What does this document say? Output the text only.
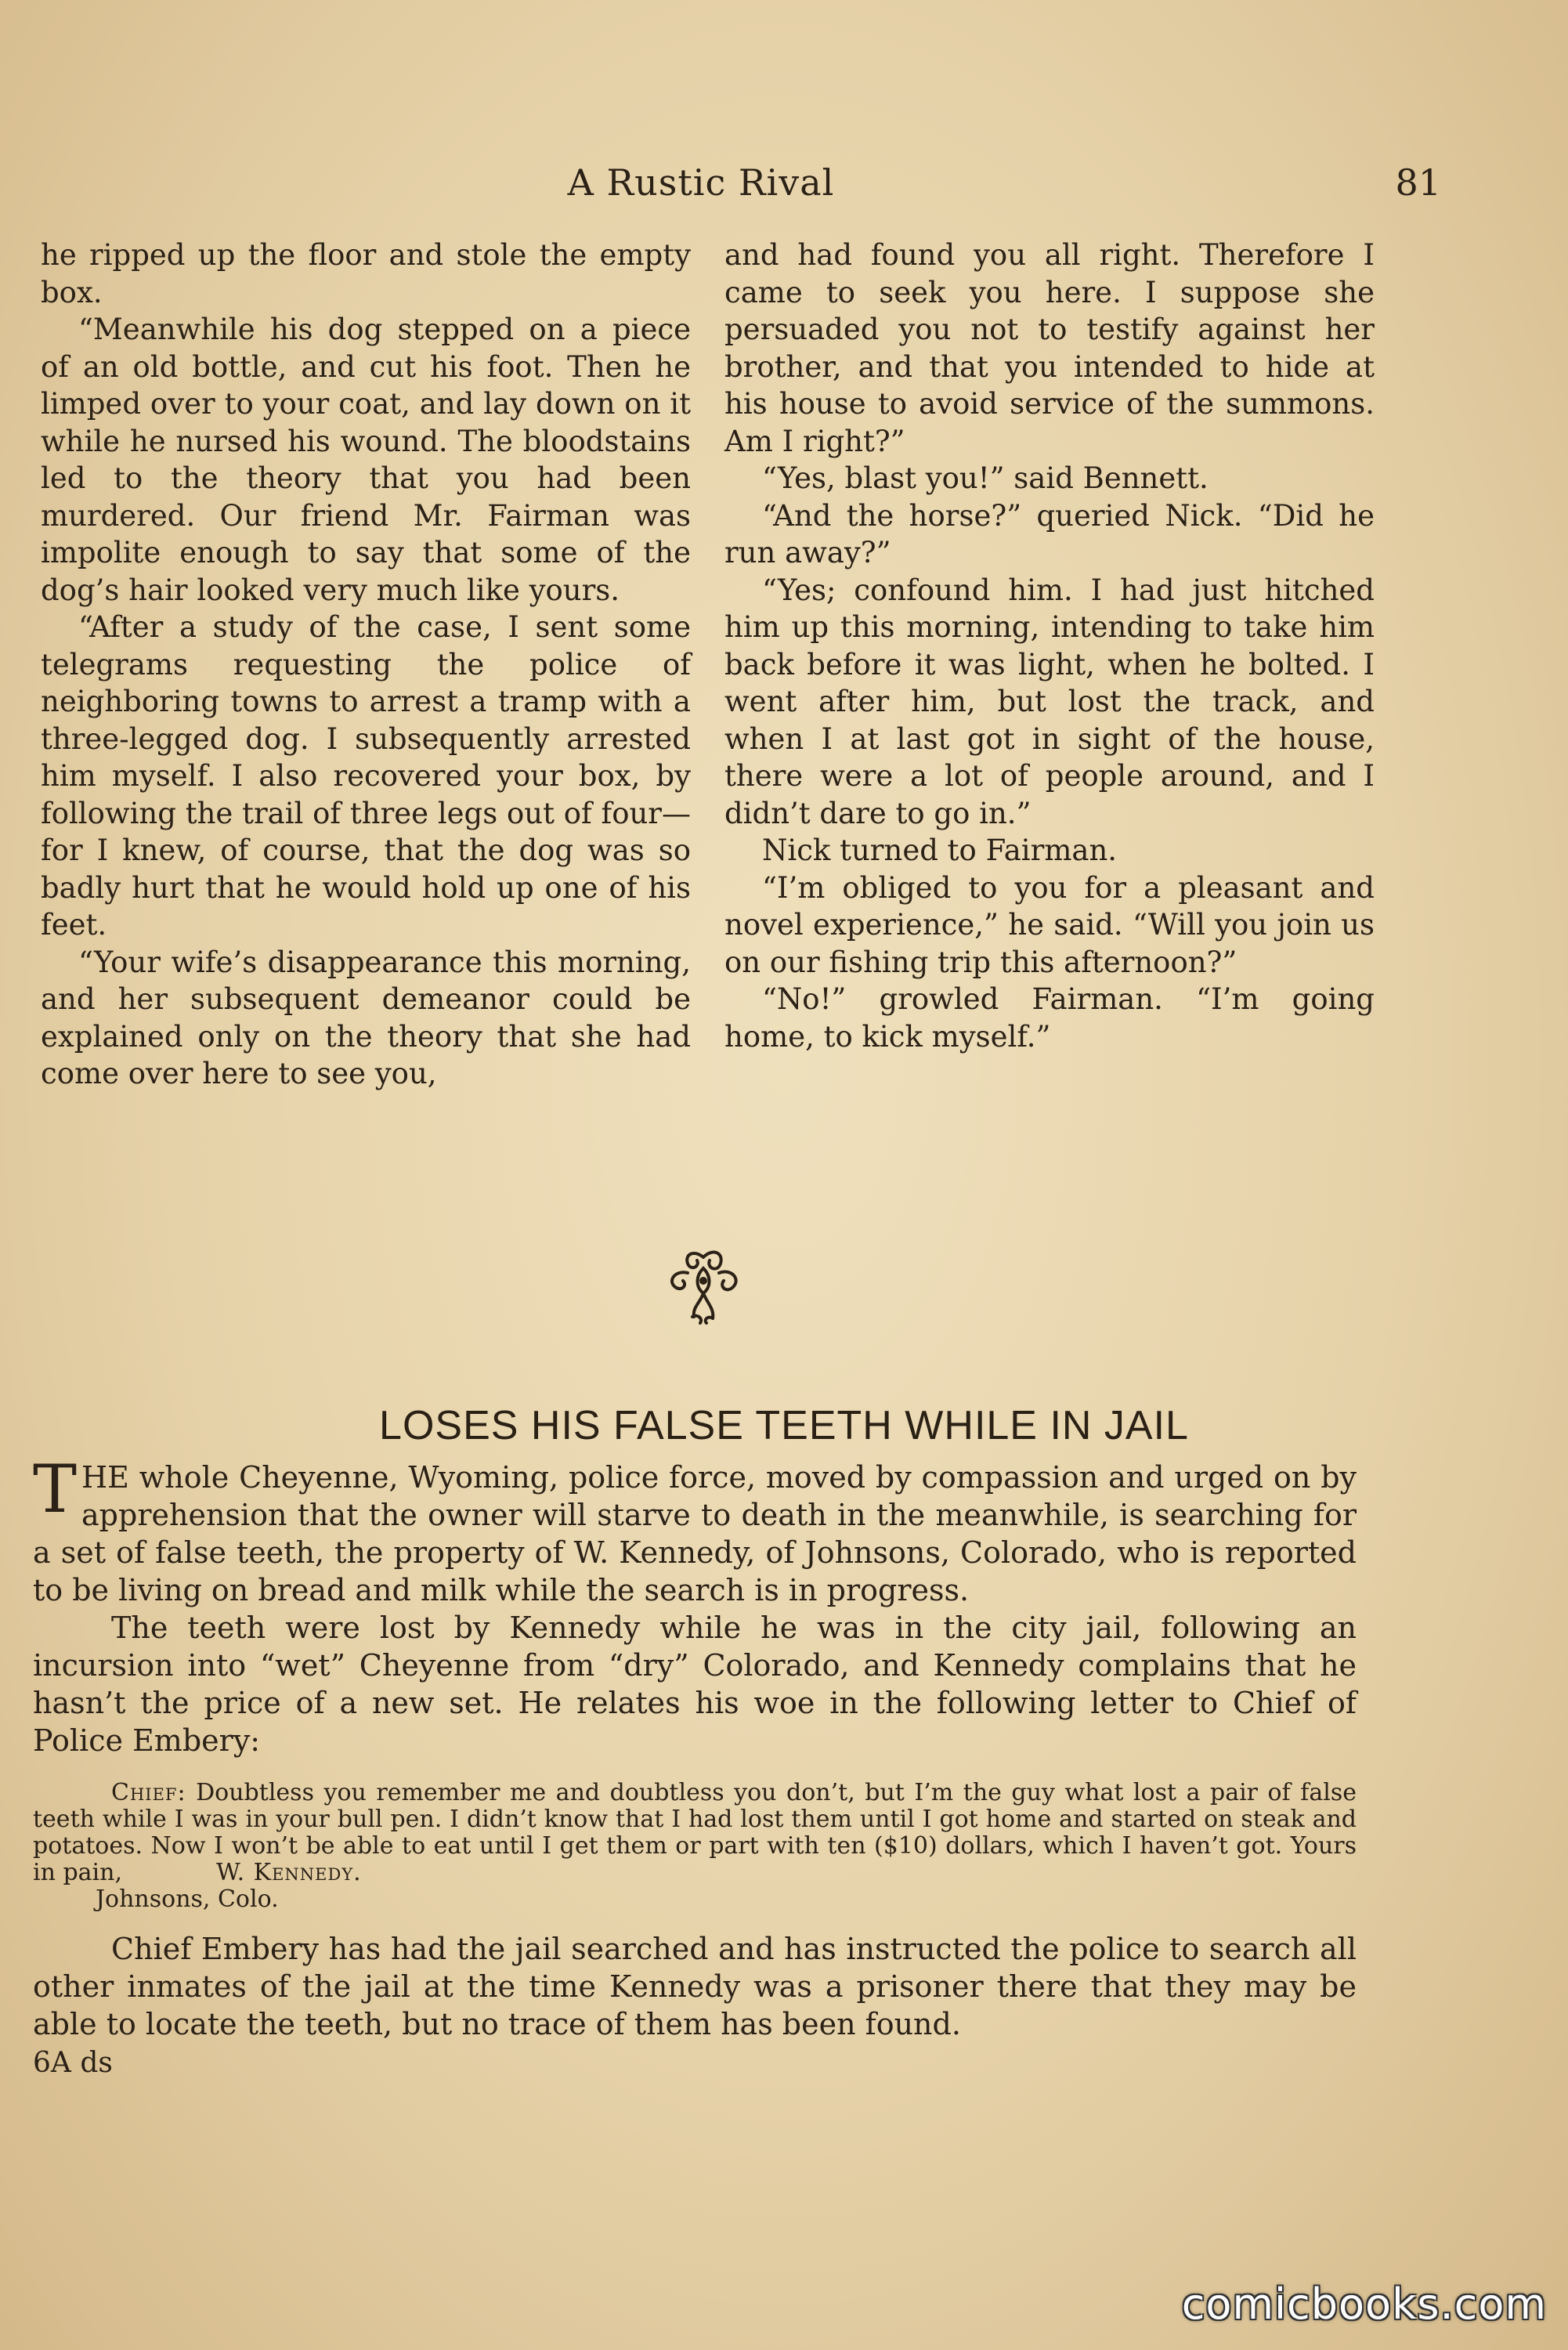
A Rustic Rival	81

he ripped up the floor and stole the empty box.

“Meanwhile his dog stepped on a piece of an old bottle, and cut his foot. Then he limped over to your coat, and lay down on it while he nursed his wound. The bloodstains led to the theory that you had been murdered. Our friend Mr. Fairman was impolite enough to say that some of the dog’s hair looked very much like yours.

“After a study of the case, I sent some telegrams requesting the police of neighboring towns to arrest a tramp with a three-legged dog. I subsequently arrested him myself. I also recovered your box, by following the trail of three legs out of four—for I knew, of course, that the dog was so badly hurt that he would hold up one of his feet.

“Your wife’s disappearance this morning, and her subsequent demeanor could be explained only on the theory that she had come over here to see you,

and had found you all right. Therefore I came to seek you here. I suppose she persuaded you not to testify against her brother, and that you intended to hide at his house to avoid service of the summons. Am I right?”

“Yes, blast you!” said Bennett.

“And the horse?” queried Nick. “Did he run away?”

“Yes; confound him. I had just hitched him up this morning, intending to take him back before it was light, when he bolted. I went after him, but lost the track, and when I at last got in sight of the house, there were a lot of people around, and I didn’t dare to go in.”

Nick turned to Fairman.

“I’m obliged to you for a pleasant and novel experience,” he said. “Will you join us on our fishing trip this afternoon?”

“No!” growled Fairman. “I’m going home, to kick myself.”

LOSES HIS FALSE TEETH WHILE IN JAIL

THE whole Cheyenne, Wyoming, police force, moved by compassion and urged on by apprehension that the owner will starve to death in the meanwhile, is searching for a set of false teeth, the property of W. Kennedy, of Johnsons, Colorado, who is reported to be living on bread and milk while the search is in progress.

The teeth were lost by Kennedy while he was in the city jail, following an incursion into “wet” Cheyenne from “dry” Colorado, and Kennedy complains that he hasn’t the price of a new set. He relates his woe in the following letter to Chief of Police Embery:

Chief: Doubtless you remember me and doubtless you don’t, but I’m the guy what lost a pair of false teeth while I was in your bull pen. I didn’t know that I had lost them until I got home and started on steak and potatoes. Now I won’t be able to eat until I get them or part with ten ($10) dollars, which I haven’t got. Yours in pain,	W. Kennedy.

Johnsons, Colo.

Chief Embery has had the jail searched and has instructed the police to search all other inmates of the jail at the time Kennedy was a prisoner there that they may be able to locate the teeth, but no trace of them has been found.

6A ds

comicbooks.com
